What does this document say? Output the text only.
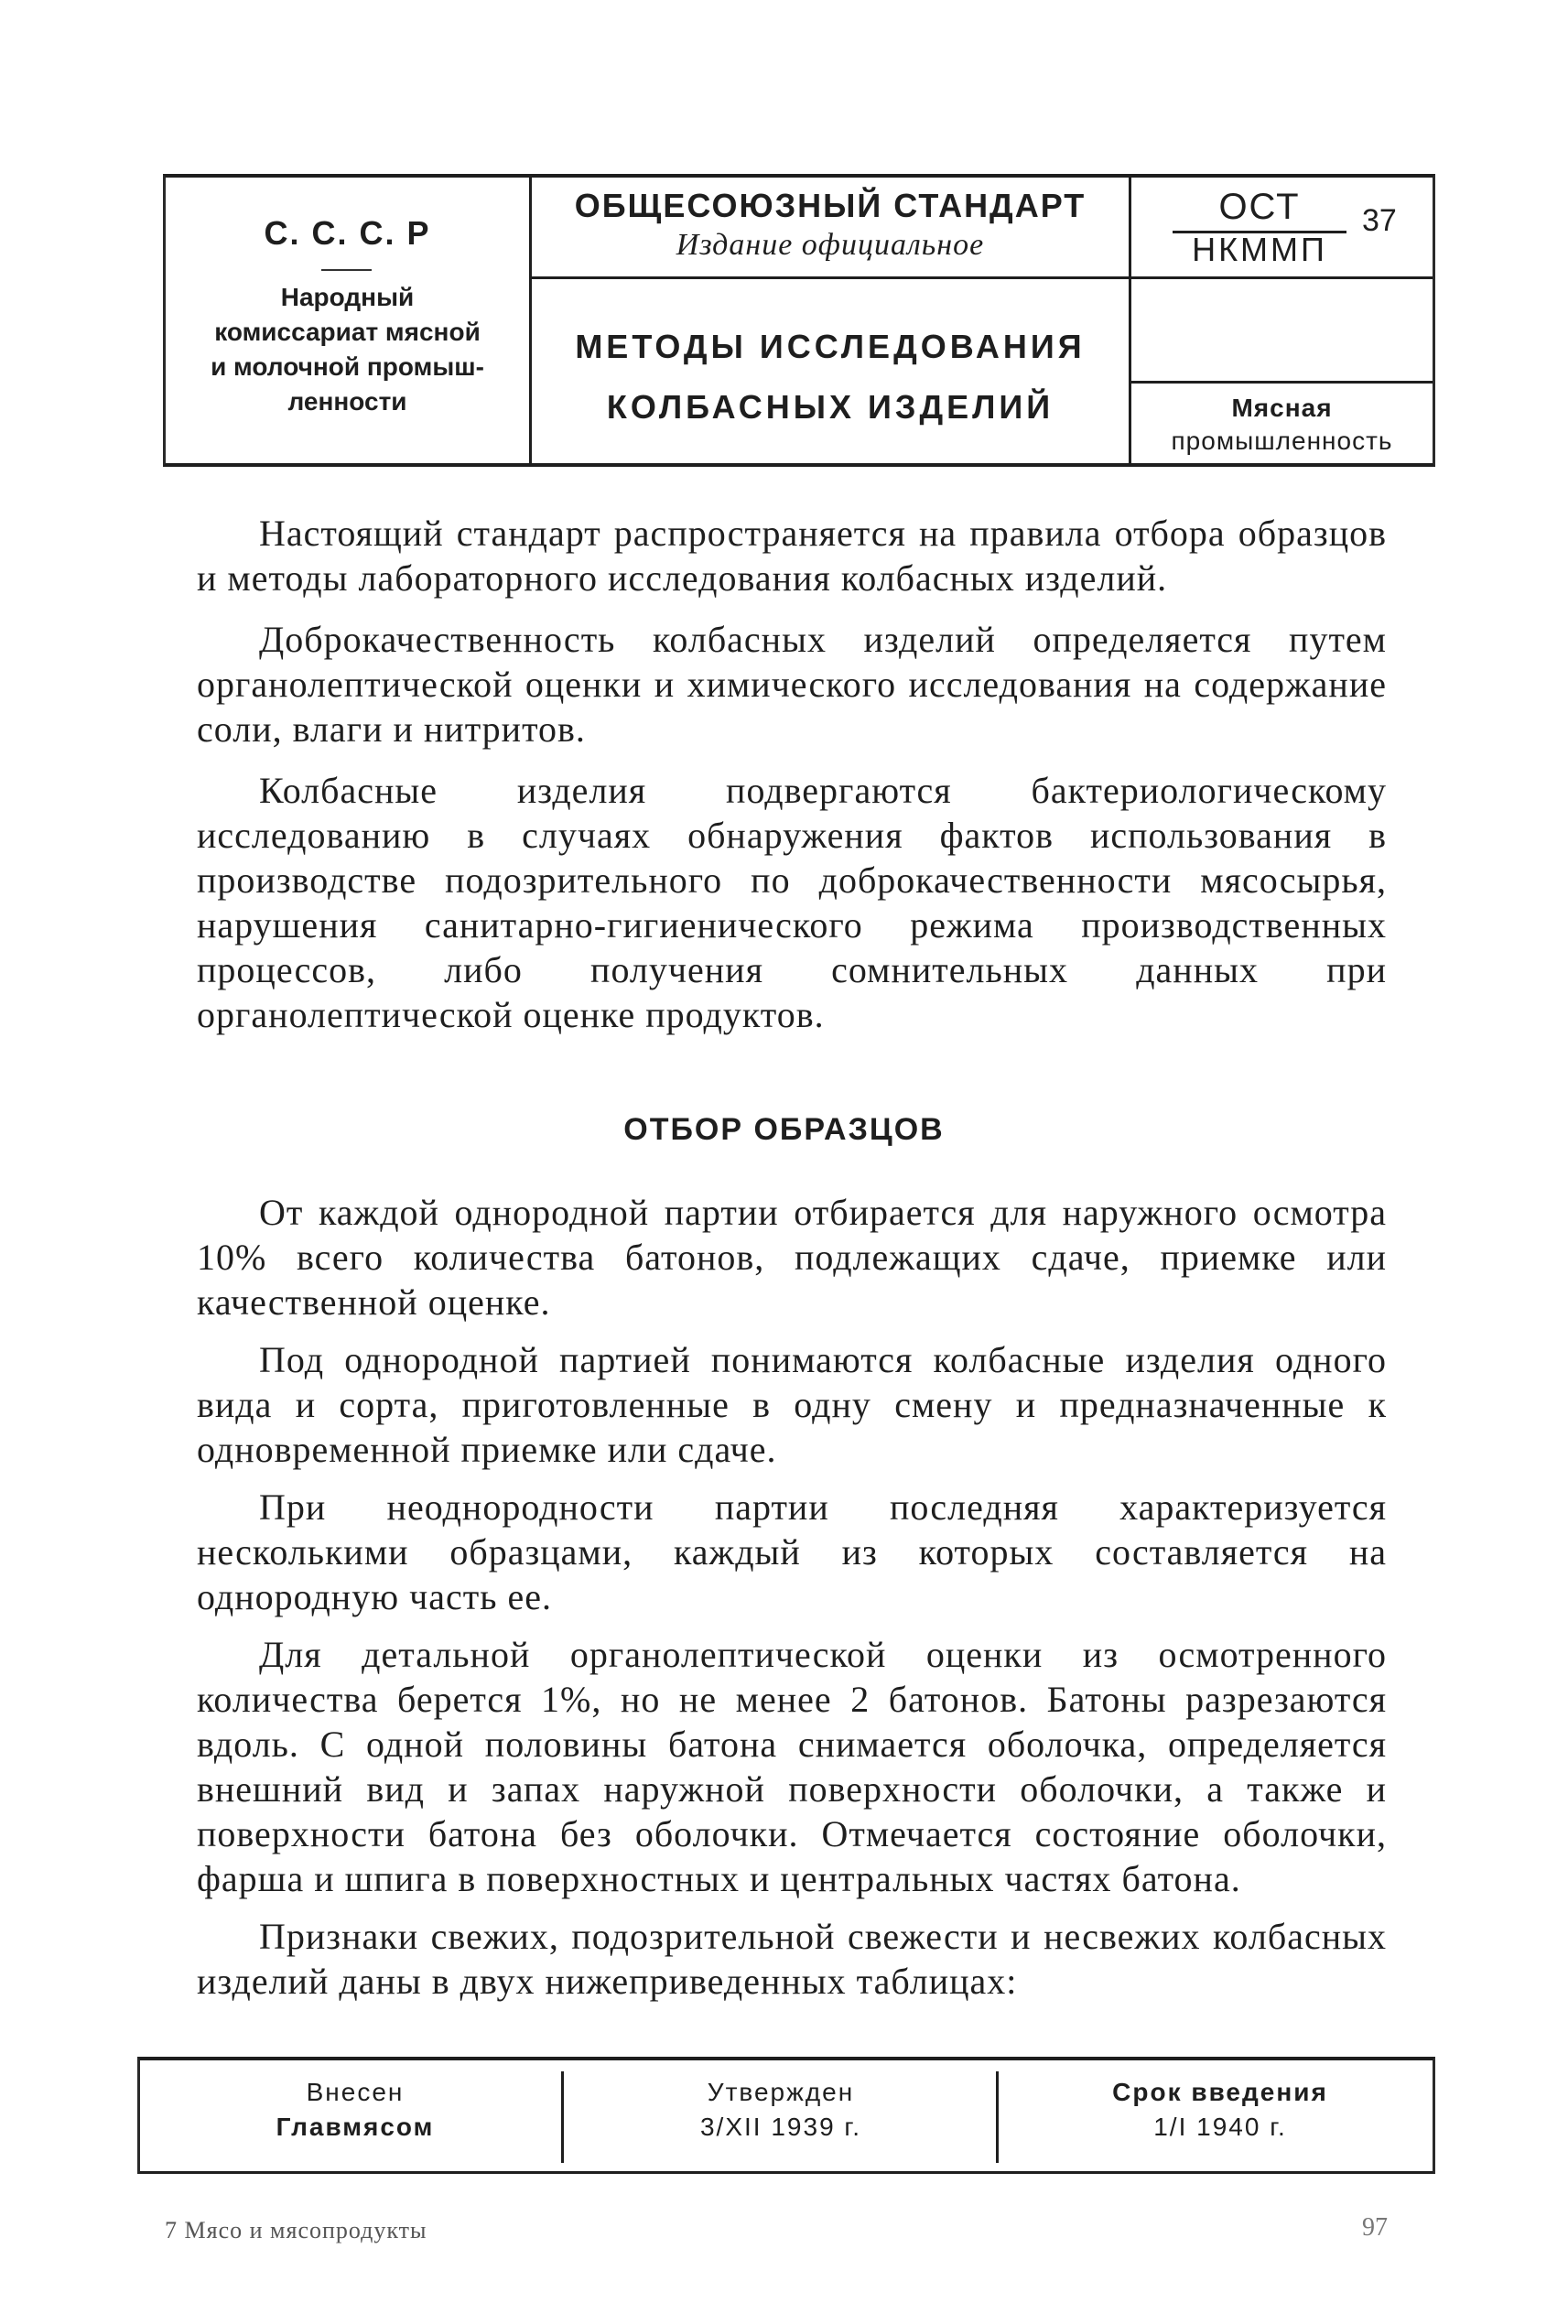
С. С. С. Р
Народный
комиссариат мясной
и молочной промыш-
ленности
ОБЩЕСОЮЗНЫЙ СТАНДАРТ
Издание официальное
МЕТОДЫ ИССЛЕДОВАНИЯ
КОЛБАСНЫХ ИЗДЕЛИЙ
ОСТ
НКММП
37
Мясная
промышленность

Настоящий стандарт распространяется на правила отбора образцов и методы лабораторного исследования колбасных изделий.

Доброкачественность колбасных изделий определяется путем органолептической оценки и химического исследования на содержание соли, влаги и нитритов.

Колбасные изделия подвергаются бактериологическому исследованию в случаях обнаружения фактов использования в производстве подозрительного по доброкачественности мясосырья, нарушения санитарно-гигиенического режима производственных процессов, либо получения сомнительных данных при органолептической оценке продуктов.

ОТБОР ОБРАЗЦОВ

От каждой однородной партии отбирается для наружного осмотра 10% всего количества батонов, подлежащих сдаче, приемке или качественной оценке.

Под однородной партией понимаются колбасные изделия одного вида и сорта, приготовленные в одну смену и предназначенные к одновременной приемке или сдаче.

При неоднородности партии последняя характеризуется несколькими образцами, каждый из которых составляется на однородную часть ее.

Для детальной органолептической оценки из осмотренного количества берется 1%, но не менее 2 батонов. Батоны разрезаются вдоль. С одной половины батона снимается оболочка, определяется внешний вид и запах наружной поверхности оболочки, а также и поверхности батона без оболочки. Отмечается состояние оболочки, фарша и шпига в поверхностных и центральных частях батона.

Признаки свежих, подозрительной свежести и несвежих колбасных изделий даны в двух нижеприведенных таблицах:

Внесен
Главмясом
Утвержден
3/XII 1939 г.
Срок введения
1/I 1940 г.
7 Мясо и мясопродукты	97
